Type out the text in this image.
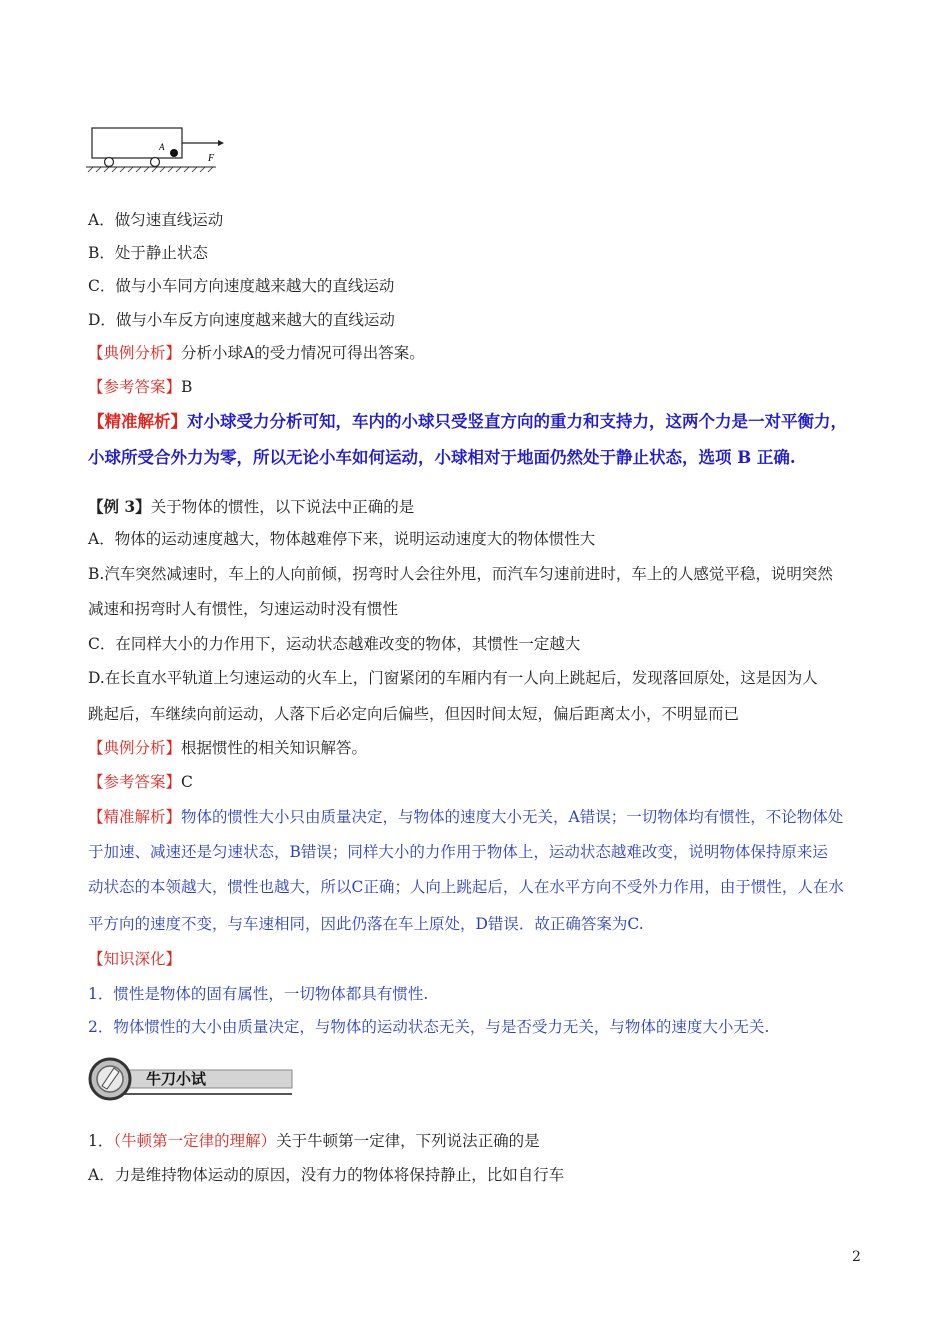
A
F
A．做匀速直线运动
B．处于静止状态
C．做与小车同方向速度越来越大的直线运动
D．做与小车反方向速度越来越大的直线运动
【典例分析】分析小球A的受力情况可得出答案。
【参考答案】B
【精准解析】对小球受力分析可知，车内的小球只受竖直方向的重力和支持力，这两个力是一对平衡力，
小球所受合外力为零，所以无论小车如何运动，小球相对于地面仍然处于静止状态，选项 B 正确.
【例 3】关于物体的惯性，以下说法中正确的是
A．物体的运动速度越大，物体越难停下来，说明运动速度大的物体惯性大
B.汽车突然减速时，车上的人向前倾，拐弯时人会往外甩，而汽车匀速前进时，车上的人感觉平稳，说明突然
减速和拐弯时人有惯性，匀速运动时没有惯性
C．在同样大小的力作用下，运动状态越难改变的物体，其惯性一定越大
D.在长直水平轨道上匀速运动的火车上，门窗紧闭的车厢内有一人向上跳起后，发现落回原处，这是因为人
跳起后，车继续向前运动，人落下后必定向后偏些，但因时间太短，偏后距离太小，不明显而已
【典例分析】根据惯性的相关知识解答。
【参考答案】C
【精准解析】物体的惯性大小只由质量决定，与物体的速度大小无关，A错误；一切物体均有惯性，不论物体处
于加速、减速还是匀速状态，B错误；同样大小的力作用于物体上，运动状态越难改变，说明物体保持原来运
动状态的本领越大，惯性也越大，所以C正确；人向上跳起后，人在水平方向不受外力作用，由于惯性，人在水
平方向的速度不变，与车速相同，因此仍落在车上原处，D错误．故正确答案为C.
【知识深化】
1．惯性是物体的固有属性，一切物体都具有惯性.
2．物体惯性的大小由质量决定，与物体的运动状态无关，与是否受力无关，与物体的速度大小无关.
牛刀小试
1．（牛顿第一定律的理解）关于牛顿第一定律，下列说法正确的是
A．力是维持物体运动的原因，没有力的物体将保持静止，比如自行车
2
